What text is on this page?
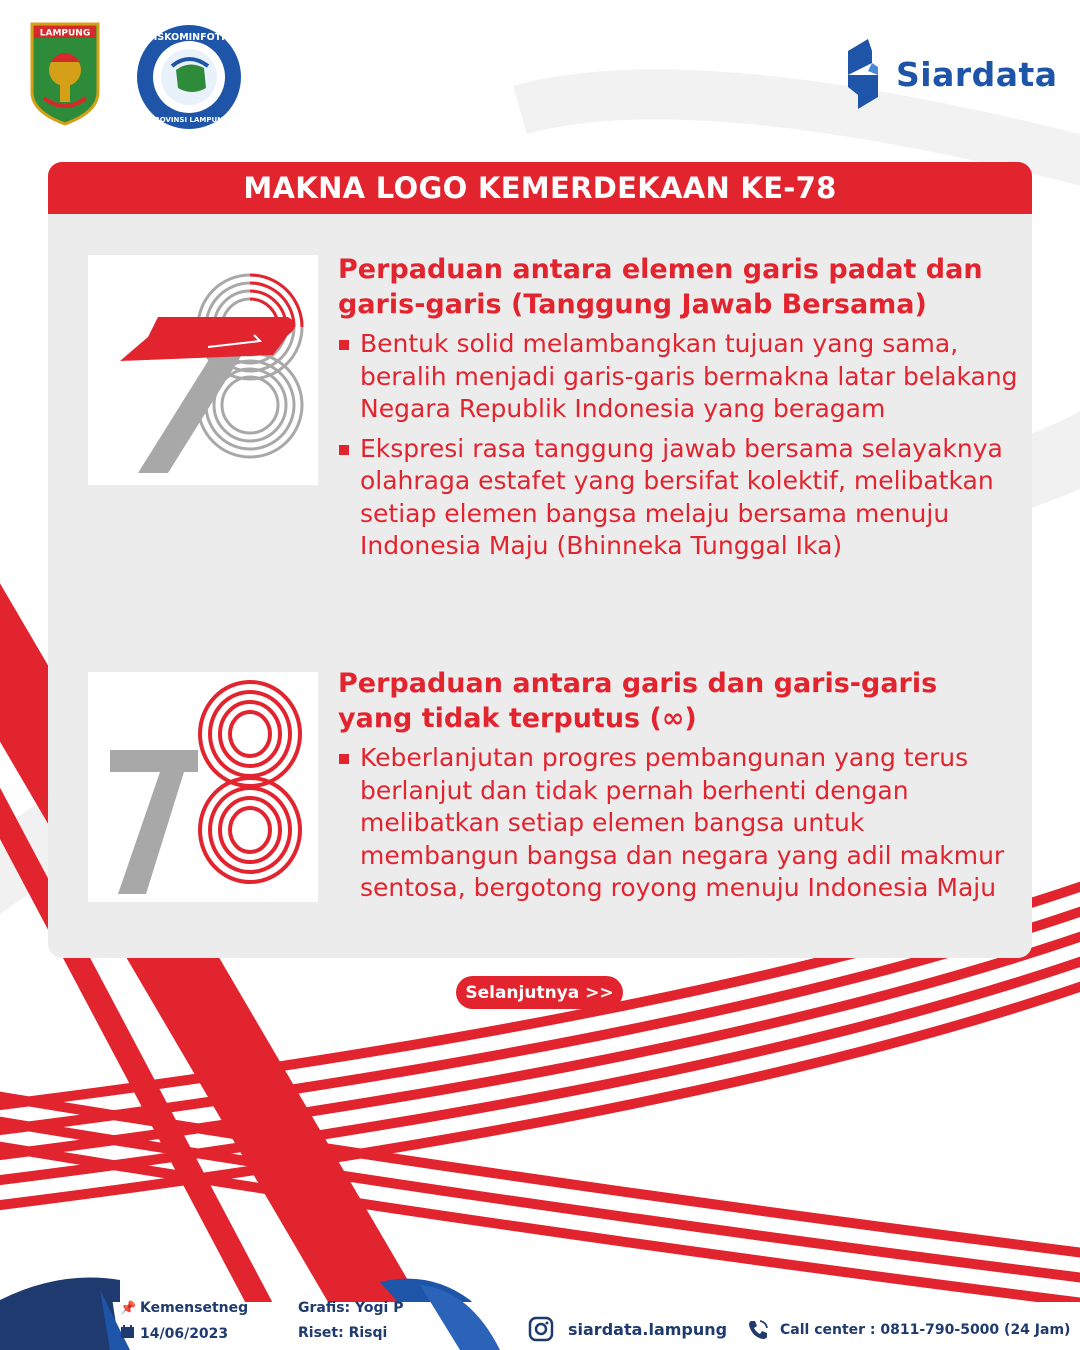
LAMPUNG	DISKOMINFOTIK
PROVINSI LAMPUNG
Siardata
MAKNA LOGO KEMERDEKAAN KE-78
Perpaduan antara elemen garis padat dan garis-garis (Tanggung Jawab Bersama)
Bentuk solid melambangkan tujuan yang sama, beralih menjadi garis-garis bermakna latar belakang Negara Republik Indonesia yang beragam
Ekspresi rasa tanggung jawab bersama selayaknya olahraga estafet yang bersifat kolektif, melibatkan setiap elemen bangsa melaju bersama menuju Indonesia Maju (Bhinneka Tunggal Ika)
Perpaduan antara garis dan garis-garis yang tidak terputus (∞)
Keberlanjutan progres pembangunan yang terus berlanjut dan tidak pernah berhenti dengan melibatkan setiap elemen bangsa untuk membangun bangsa dan negara yang adil makmur sentosa, bergotong royong menuju Indonesia Maju
Selanjutnya >>
📌 Kemensetneg
14/06/2023
Grafis: Yogi P
Riset: Risqi	siardata.lampung	Call center : 0811-790-5000 (24 Jam)
